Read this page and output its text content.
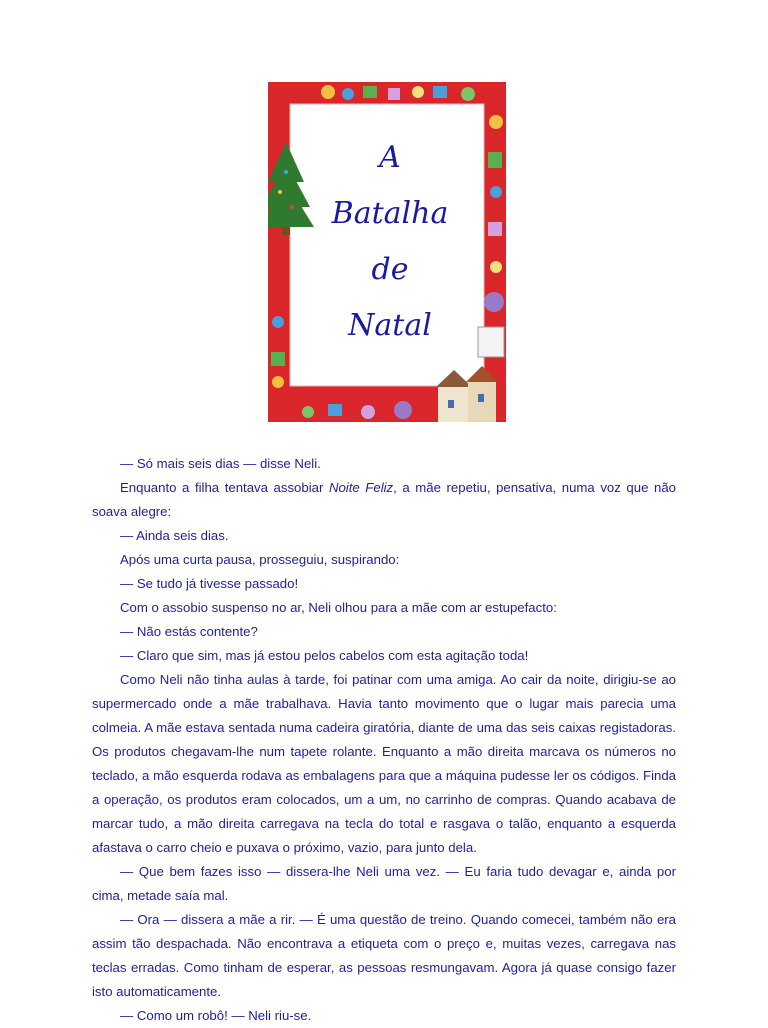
A
Batalha
de
Natal

— Só mais seis dias — disse Neli.

Enquanto a filha tentava assobiar Noite Feliz, a mãe repetiu, pensativa, numa voz que não soava alegre:

— Ainda seis dias.

Após uma curta pausa, prosseguiu, suspirando:

— Se tudo já tivesse passado!

Com o assobio suspenso no ar, Neli olhou para a mãe com ar estupefacto:

— Não estás contente?

— Claro que sim, mas já estou pelos cabelos com esta agitação toda!

Como Neli não tinha aulas à tarde, foi patinar com uma amiga. Ao cair da noite, dirigiu-se ao supermercado onde a mãe trabalhava. Havia tanto movimento que o lugar mais parecia uma colmeia. A mãe estava sentada numa cadeira giratória, diante de uma das seis caixas registadoras. Os produtos chegavam-lhe num tapete rolante. Enquanto a mão direita marcava os números no teclado, a mão esquerda rodava as embalagens para que a máquina pudesse ler os códigos. Finda a operação, os produtos eram colocados, um a um, no carrinho de compras. Quando acabava de marcar tudo, a mão direita carregava na tecla do total e rasgava o talão, enquanto a esquerda afastava o carro cheio e puxava o próximo, vazio, para junto dela.

— Que bem fazes isso — dissera-lhe Neli uma vez. — Eu faria tudo devagar e, ainda por cima, metade saía mal.

— Ora — dissera a mãe a rir. — É uma questão de treino. Quando comecei, também não era assim tão despachada. Não encontrava a etiqueta com o preço e, muitas vezes, carregava nas teclas erradas. Como tinham de esperar, as pessoas resmungavam. Agora já quase consigo fazer isto automaticamente.

— Como um robô! — Neli riu-se.
